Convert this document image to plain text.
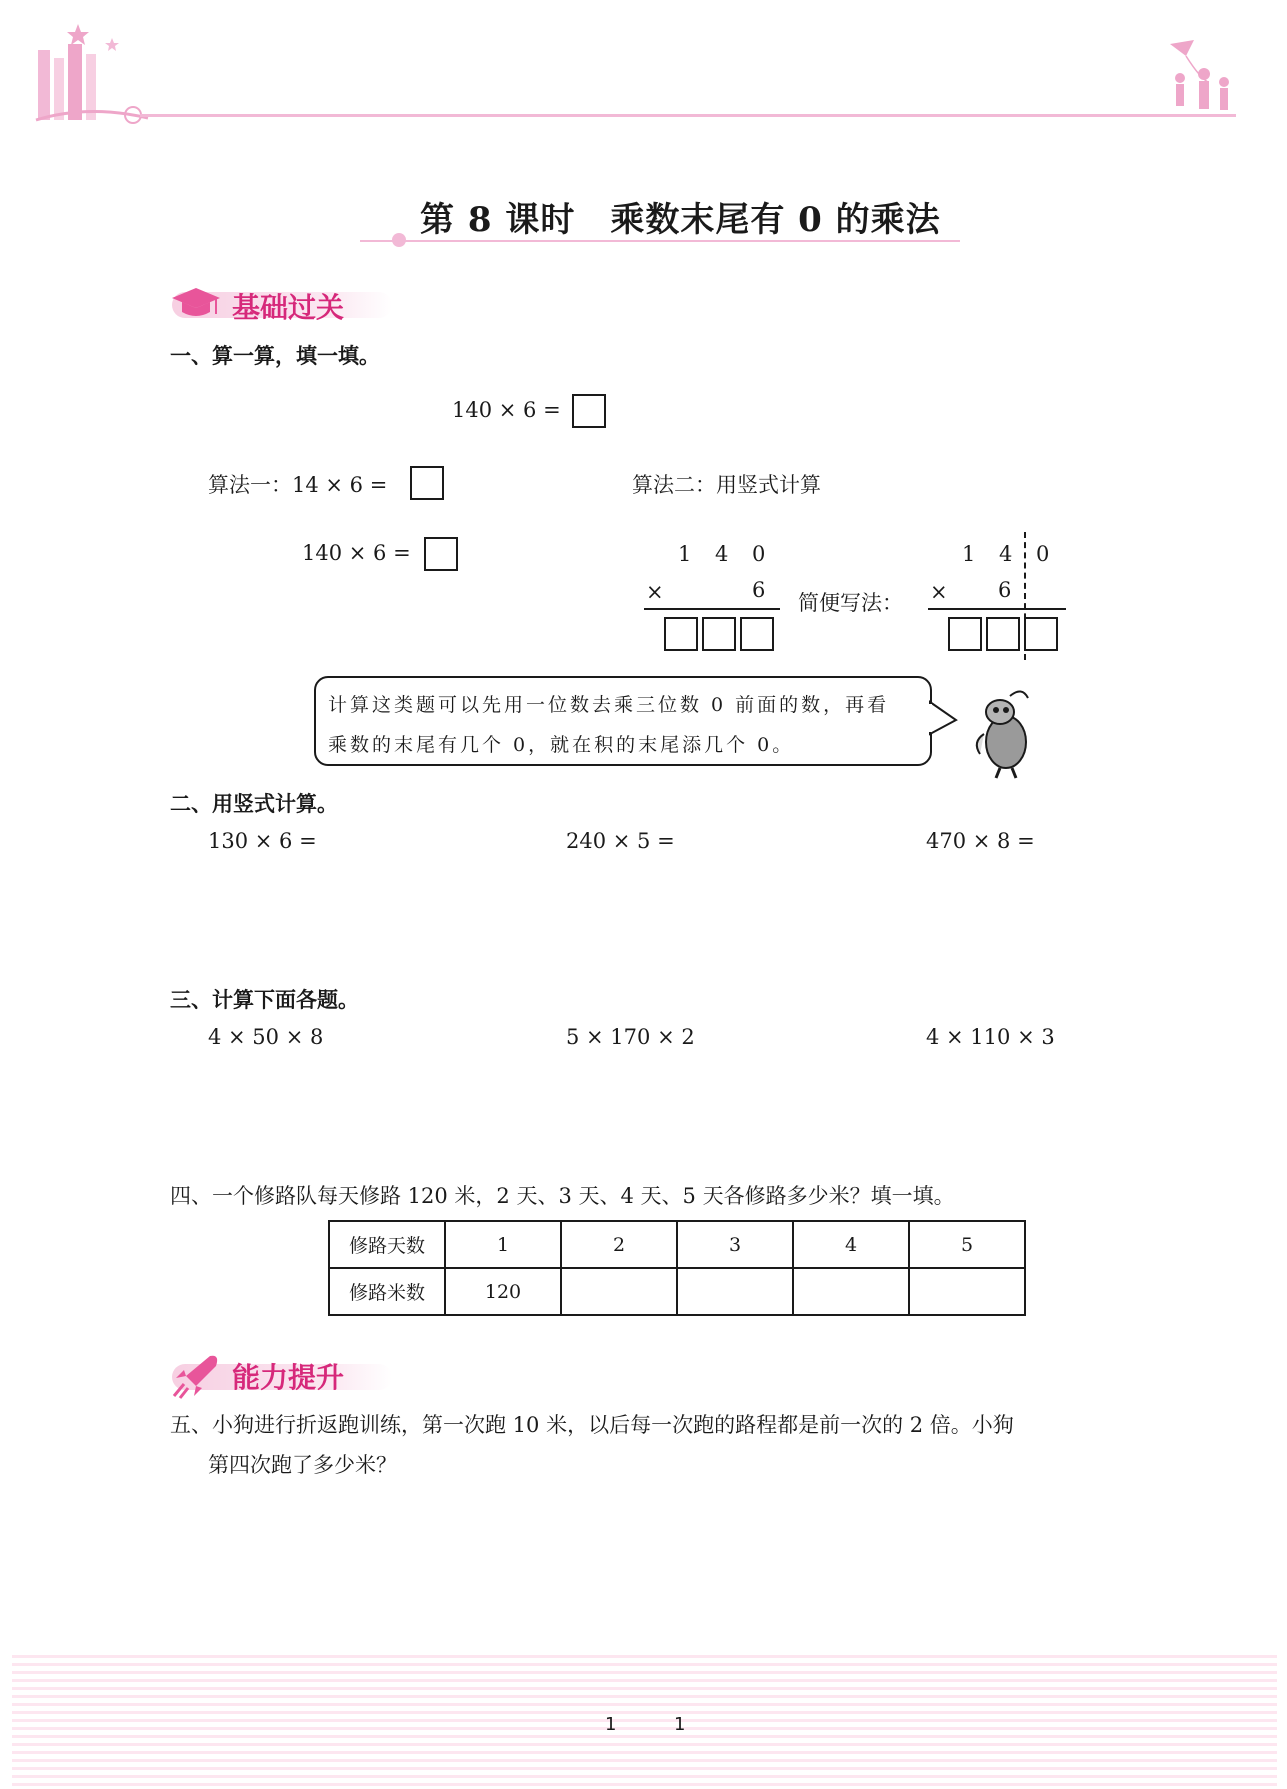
第 8 课时　乘数末尾有 0 的乘法
基础过关
一、算一算，填一填。
140 × 6 =
算法一：14 × 6 =
140 × 6 =
算法二：用竖式计算
1 4 0
×	6
简便写法：
1 4 0
× 6
计算这类题可以先用一位数去乘三位数 0 前面的数，再看
乘数的末尾有几个 0，就在积的末尾添几个 0。
二、用竖式计算。
130 × 6 =	240 × 5 =	470 × 8 =
三、计算下面各题。
4 × 50 × 8	5 × 170 × 2	4 × 110 × 3
四、一个修路队每天修路 120 米，2 天、3 天、4 天、5 天各修路多少米？填一填。
修路天数	1	2	3	4	5
修路米数	120				
能力提升
五、小狗进行折返跑训练，第一次跑 10 米，以后每一次跑的路程都是前一次的 2 倍。小狗
第四次跑了多少米？
1	1
